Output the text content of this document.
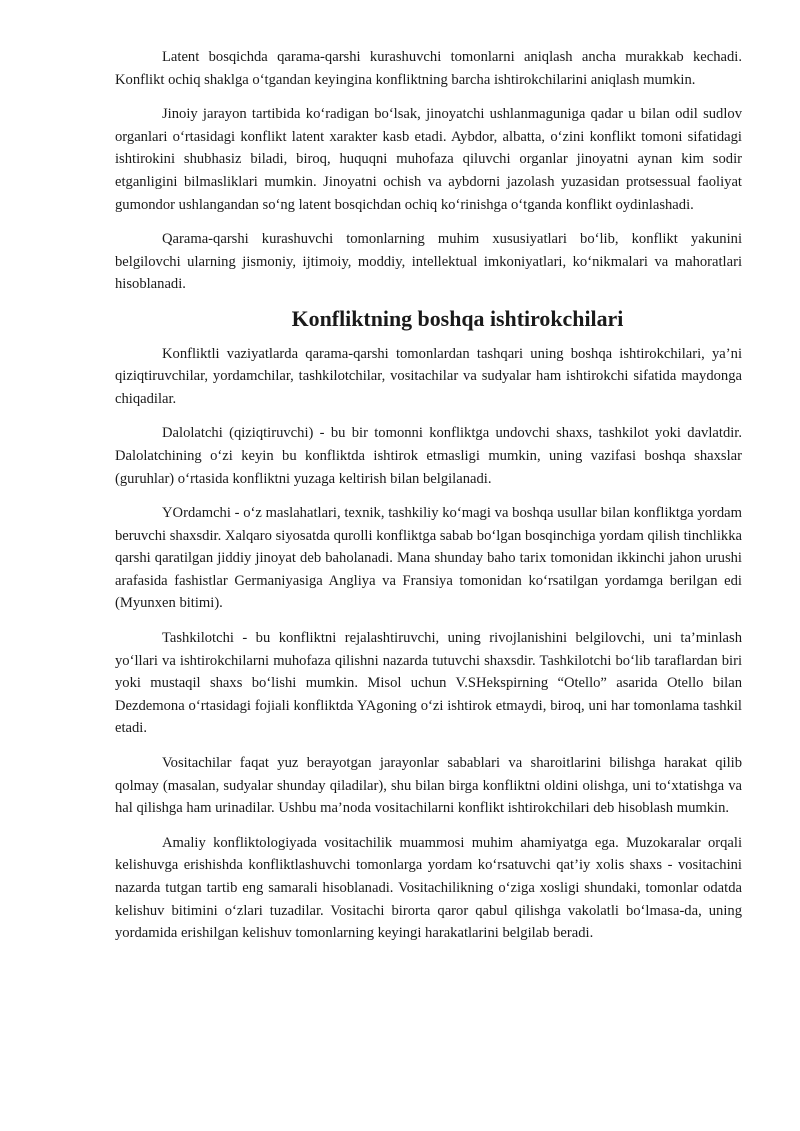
Latent bosqichda qarama-qarshi kurashuvchi tomonlarni aniqlash ancha murakkab kechadi. Konflikt ochiq shaklga o‘tgandan keyingina konfliktning barcha ishtirokchilarini aniqlash mumkin.

Jinoiy jarayon tartibida ko‘radigan bo‘lsak, jinoyatchi ushlanmaguniga qadar u bilan odil sudlov organlari o‘rtasidagi konflikt latent xarakter kasb etadi. Aybdor, albatta, o‘zini konflikt tomoni sifatidagi ishtirokini shubhasiz biladi, biroq, huquqni muhofaza qiluvchi organlar jinoyatni aynan kim sodir etganligini bilmasliklari mumkin. Jinoyatni ochish va aybdorni jazolash yuzasidan protsessual faoliyat gumondor ushlangandan so‘ng latent bosqichdan ochiq ko‘rinishga o‘tganda konflikt oydinlashadi.

Qarama-qarshi kurashuvchi tomonlarning muhim xususiyatlari bo‘lib, konflikt yakunini belgilovchi ularning jismoniy, ijtimoiy, moddiy, intellektual imkoniyatlari, ko‘nikmalari va mahoratlari hisoblanadi.

Konfliktning boshqa ishtirokchilari

Konfliktli vaziyatlarda qarama-qarshi tomonlardan tashqari uning boshqa ishtirokchilari, ya’ni qiziqtiruvchilar, yordamchilar, tashkilotchilar, vositachilar va sudyalar ham ishtirokchi sifatida maydonga chiqadilar.

Dalolatchi (qiziqtiruvchi) - bu bir tomonni konfliktga undovchi shaxs, tashkilot yoki davlatdir. Dalolatchining o‘zi keyin bu konfliktda ishtirok etmasligi mumkin, uning vazifasi boshqa shaxslar (guruhlar) o‘rtasida konfliktni yuzaga keltirish bilan belgilanadi.

YOrdamchi - o‘z maslahatlari, texnik, tashkiliy ko‘magi va boshqa usullar bilan konfliktga yordam beruvchi shaxsdir. Xalqaro siyosatda qurolli konfliktga sabab bo‘lgan bosqinchiga yordam qilish tinchlikka qarshi qaratilgan jiddiy jinoyat deb baholanadi. Mana shunday baho tarix tomonidan ikkinchi jahon urushi arafasida fashistlar Germaniyasiga Angliya va Fransiya tomonidan ko‘rsatilgan yordamga berilgan edi (Myunxen bitimi).

Tashkilotchi - bu konfliktni rejalashtiruvchi, uning rivojlanishini belgilovchi, uni ta’minlash yo‘llari va ishtirokchilarni muhofaza qilishni nazarda tutuvchi shaxsdir. Tashkilotchi bo‘lib taraflardan biri yoki mustaqil shaxs bo‘lishi mumkin. Misol uchun V.SHekspirning “Otello” asarida Otello bilan Dezdemona o‘rtasidagi fojiali konfliktda YAgoning o‘zi ishtirok etmaydi, biroq, uni har tomonlama tashkil etadi.

Vositachilar faqat yuz berayotgan jarayonlar sabablari va sharoitlarini bilishga harakat qilib qolmay (masalan, sudyalar shunday qiladilar), shu bilan birga konfliktni oldini olishga, uni to‘xtatishga va hal qilishga ham urinadilar. Ushbu ma’noda vositachilarni konflikt ishtirokchilari deb hisoblash mumkin.

Amaliy konfliktologiyada vositachilik muammosi muhim ahamiyatga ega. Muzokaralar orqali kelishuvga erishishda konfliktlashuvchi tomonlarga yordam ko‘rsatuvchi qat’iy xolis shaxs - vositachini nazarda tutgan tartib eng samarali hisoblanadi. Vositachilikning o‘ziga xosligi shundaki, tomonlar odatda kelishuv bitimini o‘zlari tuzadilar. Vositachi birorta qaror qabul qilishga vakolatli bo‘lmasa-da, uning yordamida erishilgan kelishuv tomonlarning keyingi harakatlarini belgilab beradi.
